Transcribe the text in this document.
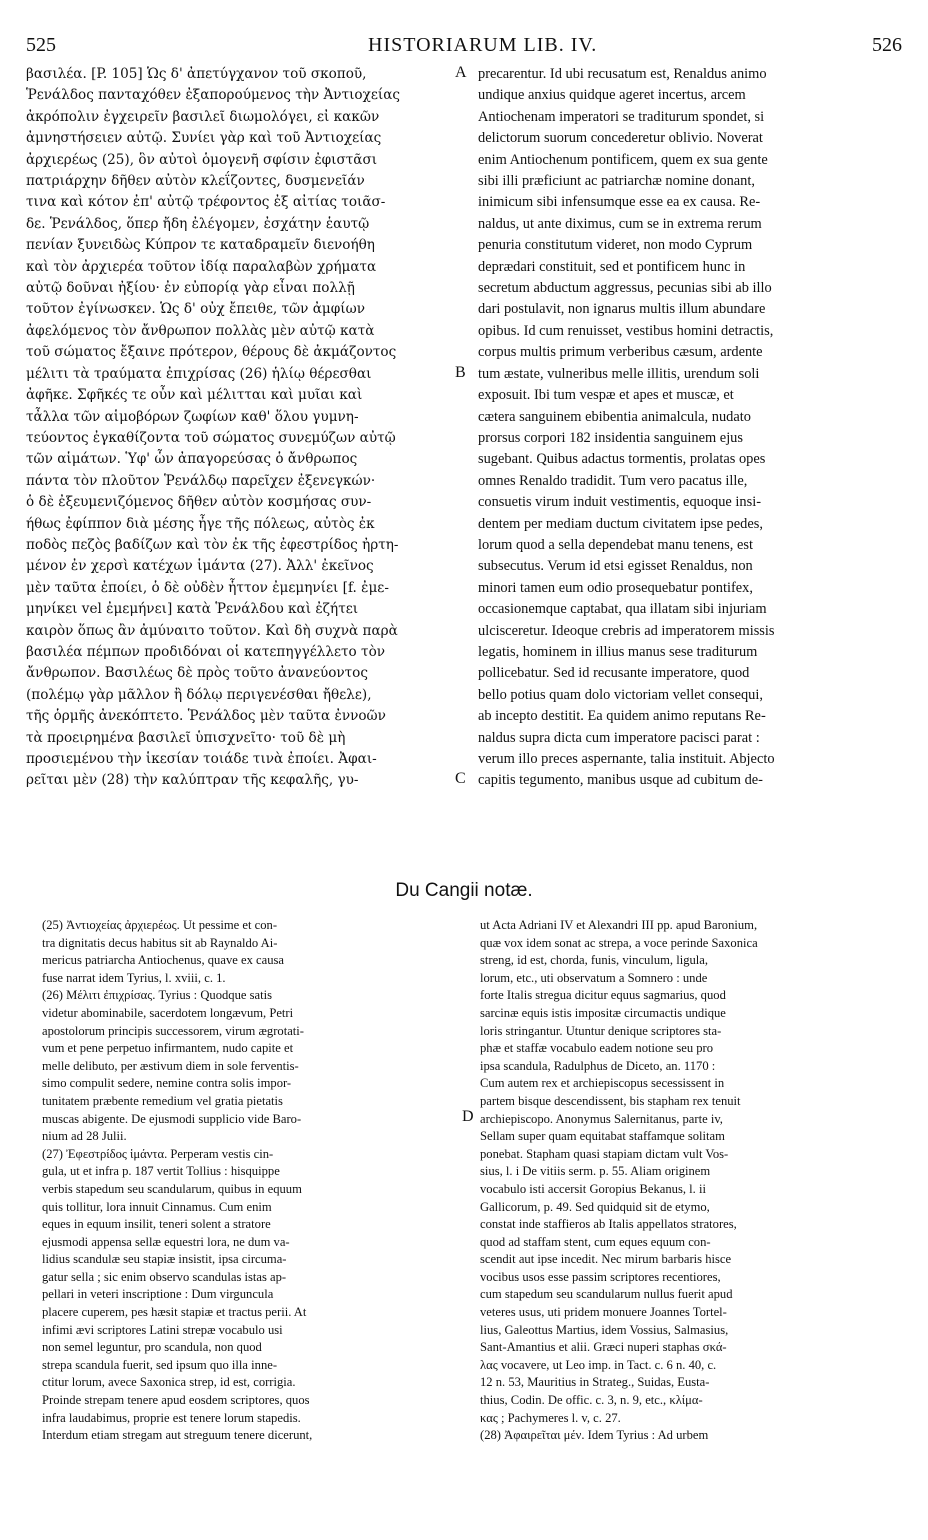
525	HISTORIARUM LIB. IV.	526
βασιλέα. [P. 105] Ὡς δ' ἀπετύγχανον τοῦ σκοποῦ,
Ῥενάλδος πανταχόθεν ἐξαπορούμενος τὴν Ἀντιοχείας
ἀκρόπολιν ἐγχειρεῖν βασιλεῖ διωμολόγει, εἰ κακῶν
ἀμνηστήσειεν αὐτῷ. Συνίει γὰρ καὶ τοῦ Ἀντιοχείας
ἀρχιερέως (25), ὃν αὐτοὶ ὁμογενῆ σφίσιν ἐφιστᾶσι
πατριάρχην δῆθεν αὐτὸν κλεΐζοντες, δυσμενεῖάν
τινα καὶ κότον ἐπ' αὐτῷ τρέφοντος ἐξ αἰτίας τοιᾶσ-
δε. Ῥενάλδος, ὅπερ ἤδη ἐλέγομεν, ἐσχάτην ἑαυτῷ
πενίαν ξυνειδὼς Κύπρον τε καταδραμεῖν διενοήθη
καὶ τὸν ἀρχιερέα τοῦτον ἰδίᾳ παραλαβὼν χρήματα
αὐτῷ δοῦναι ἠξίου· ἐν εὐπορίᾳ γὰρ εἶναι πολλῇ
τοῦτον ἐγίνωσκεν. Ὡς δ' οὐχ ἔπειθε, τῶν ἀμφίων
ἀφελόμενος τὸν ἄνθρωπον πολλὰς μὲν αὐτῷ κατὰ
τοῦ σώματος ἔξαινε πρότερον, θέρους δὲ ἀκμάζοντος
μέλιτι τὰ τραύματα ἐπιχρίσας (26) ἡλίῳ θέρεσθαι
ἀφῆκε. Σφῆκές τε οὖν καὶ μέλιτται καὶ μυῖαι καὶ
τἆλλα τῶν αἱμοβόρων ζωφίων καθ' ὅλου γυμνη-
τεύοντος ἐγκαθίζοντα τοῦ σώματος συνεμύζων αὐτῷ
τῶν αἱμάτων. Ὑφ' ὧν ἀπαγορεύσας ὁ ἄνθρωπος
πάντα τὸν πλοῦτον Ῥενάλδῳ παρεῖχεν ἐξενεγκών·
ὁ δὲ ἐξευμενιζόμενος δῆθεν αὐτὸν κοσμήσας συν-
ήθως ἐφίππον διὰ μέσης ἦγε τῆς πόλεως, αὐτὸς ἐκ
ποδὸς πεζὸς βαδίζων καὶ τὸν ἐκ τῆς ἐφεστρίδος ἠρτη-
μένον ἐν χερσὶ κατέχων ἱμάντα (27). Ἀλλ' ἐκεῖνος
μὲν ταῦτα ἐποίει, ὁ δὲ οὐδὲν ἧττον ἐμεμηνίει [f. ἐμε-
μηνίκει vel ἐμεμήνει] κατὰ Ῥενάλδου καὶ ἐζήτει
καιρὸν ὅπως ἂν ἀμύναιτο τοῦτον. Καὶ δὴ συχνὰ παρὰ
βασιλέα πέμπων προδιδόναι οἱ κατεπηγγέλλετο τὸν
ἄνθρωπον. Βασιλέως δὲ πρὸς τοῦτο ἀνανεύοντος
(πολέμῳ γὰρ μᾶλλον ἢ δόλῳ περιγενέσθαι ἤθελε),
τῆς ὁρμῆς ἀνεκόπτετο. Ῥενάλδος μὲν ταῦτα ἐννοῶν
τὰ προειρημένα βασιλεῖ ὑπισχνεῖτο· τοῦ δὲ μὴ
προσιεμένου τὴν ἱκεσίαν τοιάδε τινὰ ἐποίει. Ἀφαι-
ρεῖται μὲν (28) τὴν καλύπτραν τῆς κεφαλῆς, γυ-
precarentur. Id ubi recusatum est, Renaldus animo
undique anxius quidque ageret incertus, arcem
Antiochenam imperatori se traditurum spondet, si
delictorum suorum concederetur oblivio. Noverat
enim Antiochenum pontificem, quem ex sua gente
sibi illi præficiunt ac patriarchæ nomine donant,
inimicum sibi infensumque esse ea ex causa. Re-
naldus, ut ante diximus, cum se in extrema rerum
penuria constitutum videret, non modo Cyprum
deprædari constituit, sed et pontificem hunc in
secretum abductum aggressus, pecunias sibi ab illo
dari postulavit, non ignarus multis illum abundare
opibus. Id cum renuisset, vestibus homini detractis,
corpus multis primum verberibus cæsum, ardente
tum æstate, vulneribus melle illitis, urendum soli
exposuit. Ibi tum vespæ et apes et muscæ, et
cætera sanguinem ebibentia animalcula, nudato
prorsus corpori 182 insidentia sanguinem ejus
sugebant. Quibus adactus tormentis, prolatas opes
omnes Renaldo tradidit. Tum vero pacatus ille,
consuetis virum induit vestimentis, equoque insi-
dentem per mediam ductum civitatem ipse pedes,
lorum quod a sella dependebat manu tenens, est
subsecutus. Verum id etsi egisset Renaldus, non
minori tamen eum odio prosequebatur pontifex,
occasionemque captabat, qua illatam sibi injuriam
ulcisceretur. Ideoque crebris ad imperatorem missis
legatis, hominem in illius manus sese traditurum
pollicebatur. Sed id recusante imperatore, quod
bello potius quam dolo victoriam vellet consequi,
ab incepto destitit. Ea quidem animo reputans Re-
naldus supra dicta cum imperatore pacisci parat :
verum illo preces aspernante, talia instituit. Abjecto
capitis tegumento, manibus usque ad cubitum de-
A
B
C
D
Du Cangii notæ.
(25) Ἀντιοχείας ἀρχιερέως. Ut pessime et con-
tra dignitatis decus habitus sit ab Raynaldo Ai-
mericus patriarcha Antiochenus, quave ex causa
fuse narrat idem Tyrius, l. xviii, c. 1.
(26) Μέλιτι ἐπιχρίσας. Tyrius : Quodque satis
videtur abominabile, sacerdotem longævum, Petri
apostolorum principis successorem, virum ægrotati-
vum et pene perpetuo infirmantem, nudo capite et
melle delibuto, per æstivum diem in sole ferventis-
simo compulit sedere, nemine contra solis impor-
tunitatem præbente remedium vel gratia pietatis
muscas abigente. De ejusmodi supplicio vide Baro-
nium ad 28 Julii.
(27) Ἐφεστρίδος ἱμάντα. Perperam vestis cin-
gula, ut et infra p. 187 vertit Tollius : hisquippe
verbis stapedum seu scandularum, quibus in equum
quis tollitur, lora innuit Cinnamus. Cum enim
eques in equum insilit, teneri solent a stratore
ejusmodi appensa sellæ equestri lora, ne dum va-
lidius scandulæ seu stapiæ insistit, ipsa circuma-
gatur sella ; sic enim observo scandulas istas ap-
pellari in veteri inscriptione : Dum virguncula
placere cuperem, pes hæsit stapiæ et tractus perii. At
infimi ævi scriptores Latini strepæ vocabulo usi
non semel leguntur, pro scandula, non quod
strepa scandula fuerit, sed ipsum quo illa inne-
ctitur lorum, avece Saxonica strep, id est, corrigia.
Proinde strepam tenere apud eosdem scriptores, quos
infra laudabimus, proprie est tenere lorum stapedis.
Interdum etiam stregam aut streguum tenere dicerunt,
ut Acta Adriani IV et Alexandri III pp. apud Baronium,
quæ vox idem sonat ac strepa, a voce perinde Saxonica
streng, id est, chorda, funis, vinculum, ligula,
lorum, etc., uti observatum a Somnero : unde
forte Italis stregua dicitur equus sagmarius, quod
sarcinæ equis istis impositæ circumactis undique
loris stringantur. Utuntur denique scriptores sta-
phæ et staffæ vocabulo eadem notione seu pro
ipsa scandula, Radulphus de Diceto, an. 1170 :
Cum autem rex et archiepiscopus secessissent in
partem bisque descendissent, bis stapham rex tenuit
archiepiscopo. Anonymus Salernitanus, parte iv,
Sellam super quam equitabat staffamque solitam
ponebat. Stapham quasi stapiam dictam vult Vos-
sius, l. i De vitiis serm. p. 55. Aliam originem
vocabulo isti accersit Goropius Bekanus, l. ii
Gallicorum, p. 49. Sed quidquid sit de etymo,
constat inde staffieros ab Italis appellatos stratores,
quod ad staffam stent, cum eques equum con-
scendit aut ipse incedit. Nec mirum barbaris hisce
vocibus usos esse passim scriptores recentiores,
cum stapedum seu scandularum nullus fuerit apud
veteres usus, uti pridem monuere Joannes Tortel-
lius, Galeottus Martius, idem Vossius, Salmasius,
Sant-Amantius et alii. Græci nuperi staphas σκά-
λας vocavere, ut Leo imp. in Tact. c. 6 n. 40, c.
12 n. 53, Mauritius in Strateg., Suidas, Eusta-
thius, Codin. De offic. c. 3, n. 9, etc., κλίμα-
κας ; Pachymeres l. v, c. 27.
(28) Ἀφαιρεῖται μέν. Idem Tyrius : Ad urbem
